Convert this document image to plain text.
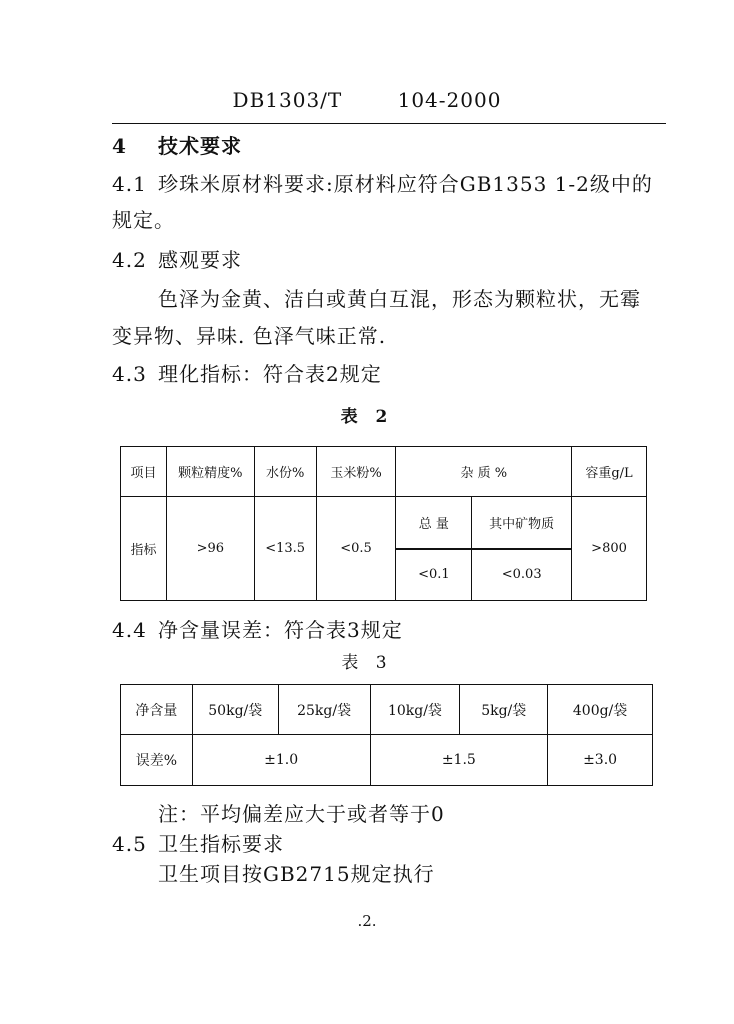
DB1303/T	104-2000
4 技术要求
4.1 珍珠米原材料要求:原材料应符合GB1353 1-2级中的
规定。
4.2 感观要求
色泽为金黄、洁白或黄白互混，形态为颗粒状，无霉
变异物、异味. 色泽气味正常.
4.3 理化指标：符合表2规定
表 2
项目	颗粒精度%	水份%	玉米粉%	杂 质 %		容重g/L
指标	>96	<13.5	<0.5	总 量	其中矿物质	>800
				<0.1	<0.03	
4.4 净含量误差：符合表3规定
表 3
净含量	50kg/袋	25kg/袋	10kg/袋	5kg/袋	400g/袋
误差%	±1.0		±1.5		±3.0
注：平均偏差应大于或者等于0
4.5 卫生指标要求
卫生项目按GB2715规定执行
.2.
